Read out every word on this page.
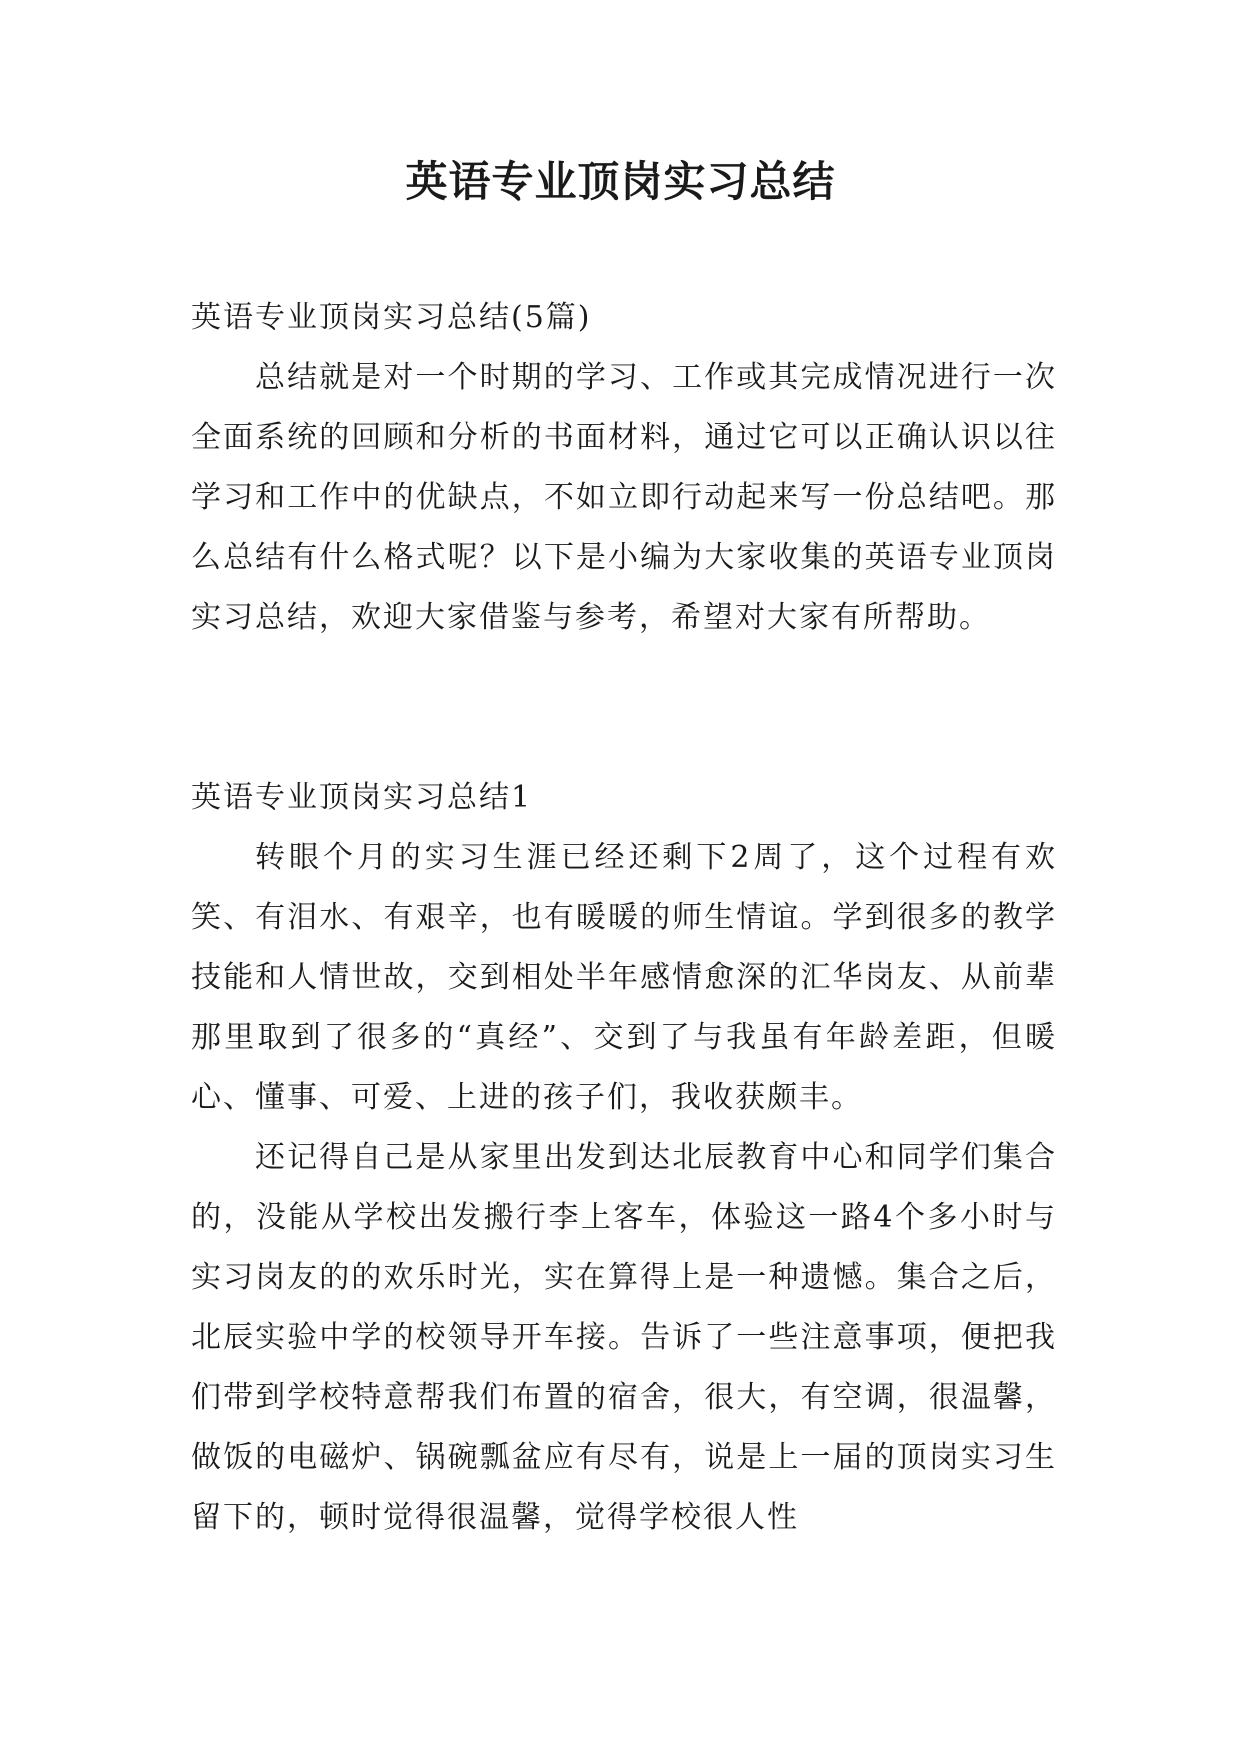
英语专业顶岗实习总结

英语专业顶岗实习总结(5篇)

总结就是对一个时期的学习、工作或其完成情况进行一次全面系统的回顾和分析的书面材料，通过它可以正确认识以往学习和工作中的优缺点，不如立即行动起来写一份总结吧。那么总结有什么格式呢？以下是小编为大家收集的英语专业顶岗实习总结，欢迎大家借鉴与参考，希望对大家有所帮助。

英语专业顶岗实习总结1

转眼个月的实习生涯已经还剩下2周了，这个过程有欢笑、有泪水、有艰辛，也有暖暖的师生情谊。学到很多的教学技能和人情世故，交到相处半年感情愈深的汇华岗友、从前辈那里取到了很多的“真经”、交到了与我虽有年龄差距，但暖心、懂事、可爱、上进的孩子们，我收获颇丰。

还记得自己是从家里出发到达北辰教育中心和同学们集合的，没能从学校出发搬行李上客车，体验这一路4个多小时与实习岗友的的欢乐时光，实在算得上是一种遗憾。集合之后，北辰实验中学的校领导开车接。告诉了一些注意事项，便把我们带到学校特意帮我们布置的宿舍，很大，有空调，很温馨，做饭的电磁炉、锅碗瓢盆应有尽有，说是上一届的顶岗实习生留下的，顿时觉得很温馨，觉得学校很人性
